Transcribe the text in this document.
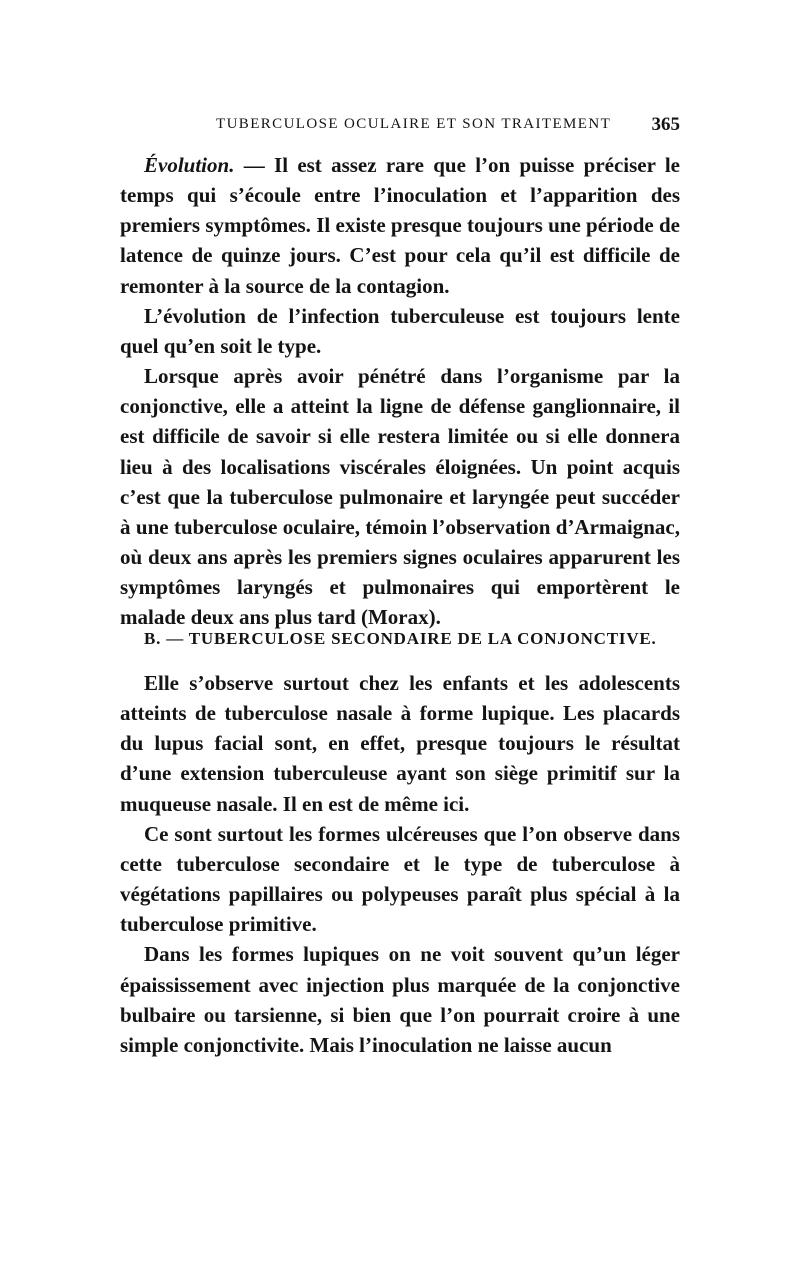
TUBERCULOSE OCULAIRE ET SON TRAITEMENT 365

Évolution. — Il est assez rare que l’on puisse préciser le temps qui s’écoule entre l’inoculation et l’apparition des premiers symptômes. Il existe presque toujours une période de latence de quinze jours. C’est pour cela qu’il est difficile de remonter à la source de la contagion.

L’évolution de l’infection tuberculeuse est toujours lente quel qu’en soit le type.

Lorsque après avoir pénétré dans l’organisme par la conjonctive, elle a atteint la ligne de défense ganglionnaire, il est difficile de savoir si elle restera limitée ou si elle donnera lieu à des localisations viscérales éloignées. Un point acquis c’est que la tuberculose pulmonaire et laryngée peut succéder à une tuberculose oculaire, témoin l’observation d’Armaignac, où deux ans après les premiers signes oculaires apparurent les symptômes laryngés et pulmonaires qui emportèrent le malade deux ans plus tard (Morax).

B. — TUBERCULOSE SECONDAIRE DE LA CONJONCTIVE.

Elle s’observe surtout chez les enfants et les adolescents atteints de tuberculose nasale à forme lupique. Les placards du lupus facial sont, en effet, presque toujours le résultat d’une extension tuberculeuse ayant son siège primitif sur la muqueuse nasale. Il en est de même ici.

Ce sont surtout les formes ulcéreuses que l’on observe dans cette tuberculose secondaire et le type de tuberculose à végétations papillaires ou polypeuses paraît plus spécial à la tuberculose primitive.

Dans les formes lupiques on ne voit souvent qu’un léger épaississement avec injection plus marquée de la conjonctive bulbaire ou tarsienne, si bien que l’on pourrait croire à une simple conjonctivite. Mais l’inoculation ne laisse aucun
